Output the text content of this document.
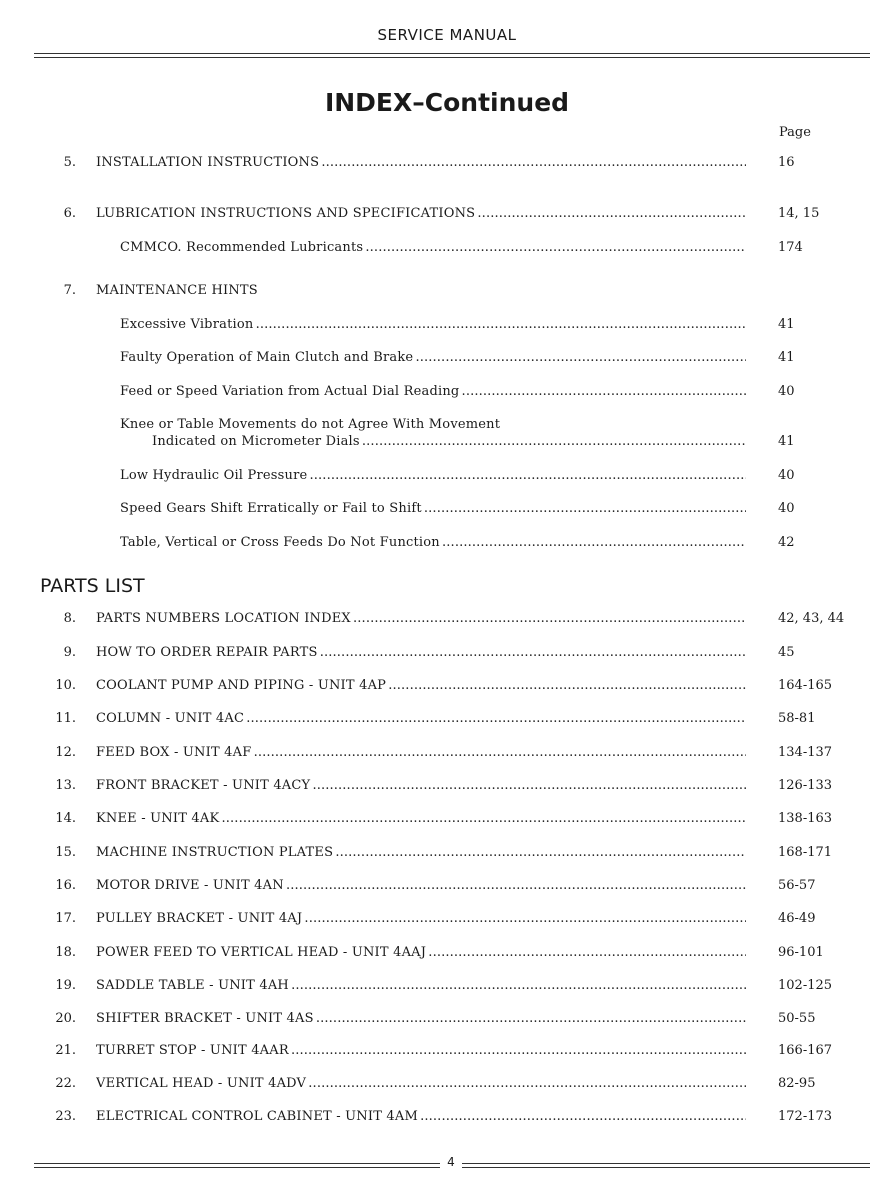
SERVICE MANUAL
INDEX–Continued
Page
5. INSTALLATION INSTRUCTIONS . . .	16
6. LUBRICATION INSTRUCTIONS AND SPECIFICATIONS . . .	14, 15
CMMCO. Recommended Lubricants . . .	174
7. MAINTENANCE HINTS
Excessive Vibration . . .	41
Faulty Operation of Main Clutch and Brake . . .	41
Feed or Speed Variation from Actual Dial Reading . . .	40
Knee or Table Movements do not Agree With Movement
Indicated on Micrometer Dials . . .	41
Low Hydraulic Oil Pressure . . .	40
Speed Gears Shift Erratically or Fail to Shift . . .	40
Table, Vertical or Cross Feeds Do Not Function . . .	42
PARTS LIST
8. PARTS NUMBERS LOCATION INDEX . . .	42, 43, 44
9. HOW TO ORDER REPAIR PARTS . . .	45
10. COOLANT PUMP AND PIPING - UNIT 4AP . . .	164-165
11. COLUMN - UNIT 4AC . . .	58-81
12. FEED BOX - UNIT 4AF . . .	134-137
13. FRONT BRACKET - UNIT 4ACY . . .	126-133
14. KNEE - UNIT 4AK . . .	138-163
15. MACHINE INSTRUCTION PLATES . . .	168-171
16. MOTOR DRIVE - UNIT 4AN . . .	56-57
17. PULLEY BRACKET - UNIT 4AJ . . .	46-49
18. POWER FEED TO VERTICAL HEAD - UNIT 4AAJ . . .	96-101
19. SADDLE TABLE - UNIT 4AH . . .	102-125
20. SHIFTER BRACKET - UNIT 4AS . . .	50-55
21. TURRET STOP - UNIT 4AAR . . .	166-167
22. VERTICAL HEAD - UNIT 4ADV . . .	82-95
23. ELECTRICAL CONTROL CABINET - UNIT 4AM . . .	172-173
4
